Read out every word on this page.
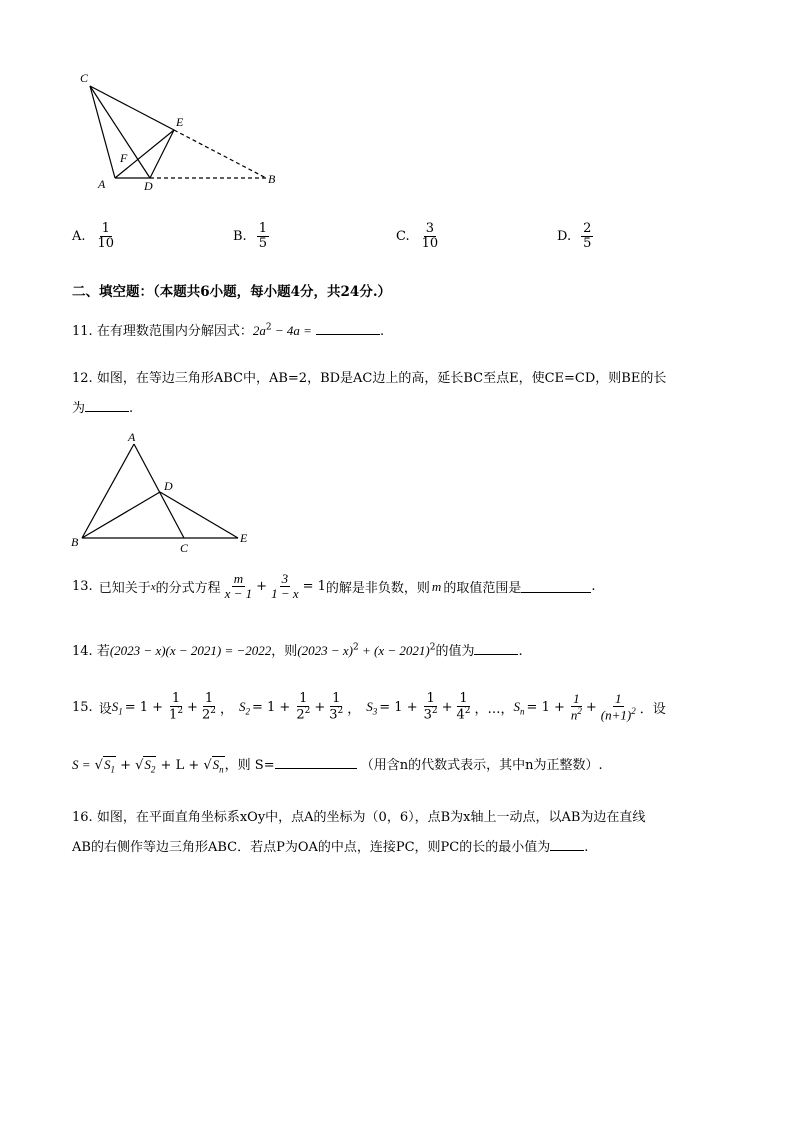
C
E
F
A	D	B
A. $\frac{1}{10}$	B. $\frac{1}{5}$	C. $\frac{3}{10}$	D. $\frac{2}{5}$
二、填空题：（本题共6小题，每小题4分，共24分.）
11. 在有理数范围内分解因式：$2a^2 - 4a$ =	.
12. 如图，在等边三角形ABC中，AB=2，BD是AC边上的高，延长BC至点E，使CE=CD，则BE的长
为	.
A
D
B	C
E
13. 已知关于 x 的分式方程 $\frac{m}{x - 1} + \frac{3}{1 - x} = 1$ 的解是非负数，则 m 的取值范围是	.
14. 若(2023 − x)(x − 2021) = −2022，则$(2023 - x)^2 + (x - 2021)^2$的值为	.
15. 设 $S_1 = 1 + \frac{1}{1^2} + \frac{1}{2^2}$ ， $S_2 = 1 + \frac{1}{2^2} + \frac{1}{3^2}$ ， $S_3 = 1 + \frac{1}{3^2} + \frac{1}{4^2}$ ，…， $S_n = 1 + \frac{1}{n^2} + \frac{1}{(n+1)^2}$ ．设
$S = √S_1 + √S_2 + L + √S_n$，则 S=	（用含n的代数式表示，其中n为正整数）.
16. 如图，在平面直角坐标系xOy中，点A的坐标为（0，6），点B为x轴上一动点，以AB为边在直线
AB的右侧作等边三角形ABC．若点P为OA的中点，连接PC，则PC的长的最小值为	.
